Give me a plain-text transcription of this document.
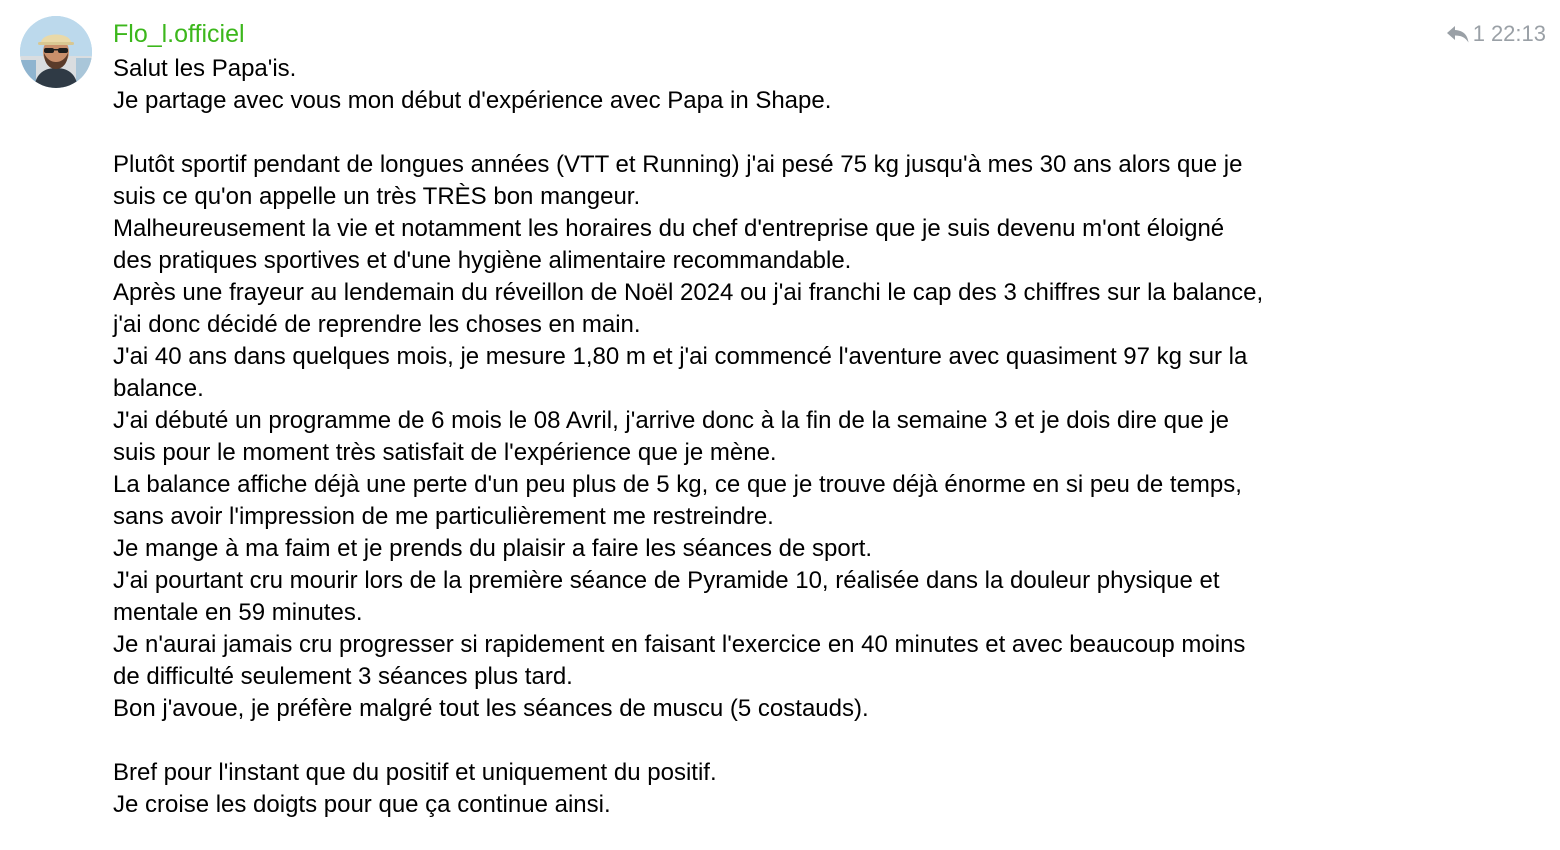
Flo_l.officiel	1 22:13
Salut les Papa'is.
Je partage avec vous mon début d'expérience avec Papa in Shape.
Plutôt sportif pendant de longues années (VTT et Running) j'ai pesé 75 kg jusqu'à mes 30 ans alors que je
suis ce qu'on appelle un très TRÈS bon mangeur.
Malheureusement la vie et notamment les horaires du chef d'entreprise que je suis devenu m'ont éloigné
des pratiques sportives et d'une hygiène alimentaire recommandable.
Après une frayeur au lendemain du réveillon de Noël 2024 ou j'ai franchi le cap des 3 chiffres sur la balance,
j'ai donc décidé de reprendre les choses en main.
J'ai 40 ans dans quelques mois, je mesure 1,80 m et j'ai commencé l'aventure avec quasiment 97 kg sur la
balance.
J'ai débuté un programme de 6 mois le 08 Avril, j'arrive donc à la fin de la semaine 3 et je dois dire que je
suis pour le moment très satisfait de l'expérience que je mène.
La balance affiche déjà une perte d'un peu plus de 5 kg, ce que je trouve déjà énorme en si peu de temps,
sans avoir l'impression de me particulièrement me restreindre.
Je mange à ma faim et je prends du plaisir a faire les séances de sport.
J'ai pourtant cru mourir lors de la première séance de Pyramide 10, réalisée dans la douleur physique et
mentale en 59 minutes.
Je n'aurai jamais cru progresser si rapidement en faisant l'exercice en 40 minutes et avec beaucoup moins
de difficulté seulement 3 séances plus tard.
Bon j'avoue, je préfère malgré tout les séances de muscu (5 costauds).
Bref pour l'instant que du positif et uniquement du positif.
Je croise les doigts pour que ça continue ainsi.
